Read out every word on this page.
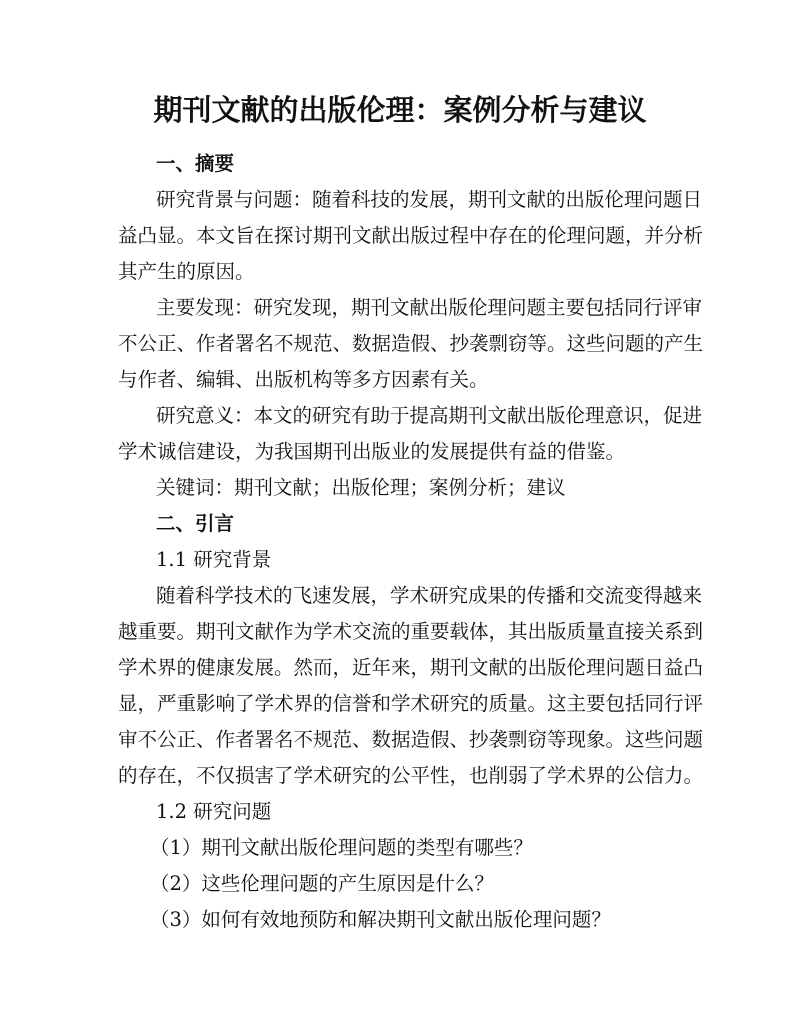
期刊文献的出版伦理：案例分析与建议
一、摘要
研究背景与问题：随着科技的发展，期刊文献的出版伦理问题日
益凸显。本文旨在探讨期刊文献出版过程中存在的伦理问题，并分析
其产生的原因。
主要发现：研究发现，期刊文献出版伦理问题主要包括同行评审
不公正、作者署名不规范、数据造假、抄袭剽窃等。这些问题的产生
与作者、编辑、出版机构等多方因素有关。
研究意义：本文的研究有助于提高期刊文献出版伦理意识，促进
学术诚信建设，为我国期刊出版业的发展提供有益的借鉴。
关键词：期刊文献；出版伦理；案例分析；建议
二、引言
1.1 研究背景
随着科学技术的飞速发展，学术研究成果的传播和交流变得越来
越重要。期刊文献作为学术交流的重要载体，其出版质量直接关系到
学术界的健康发展。然而，近年来，期刊文献的出版伦理问题日益凸
显，严重影响了学术界的信誉和学术研究的质量。这主要包括同行评
审不公正、作者署名不规范、数据造假、抄袭剽窃等现象。这些问题
的存在，不仅损害了学术研究的公平性，也削弱了学术界的公信力。
1.2 研究问题
（1）期刊文献出版伦理问题的类型有哪些？
（2）这些伦理问题的产生原因是什么？
（3）如何有效地预防和解决期刊文献出版伦理问题？
